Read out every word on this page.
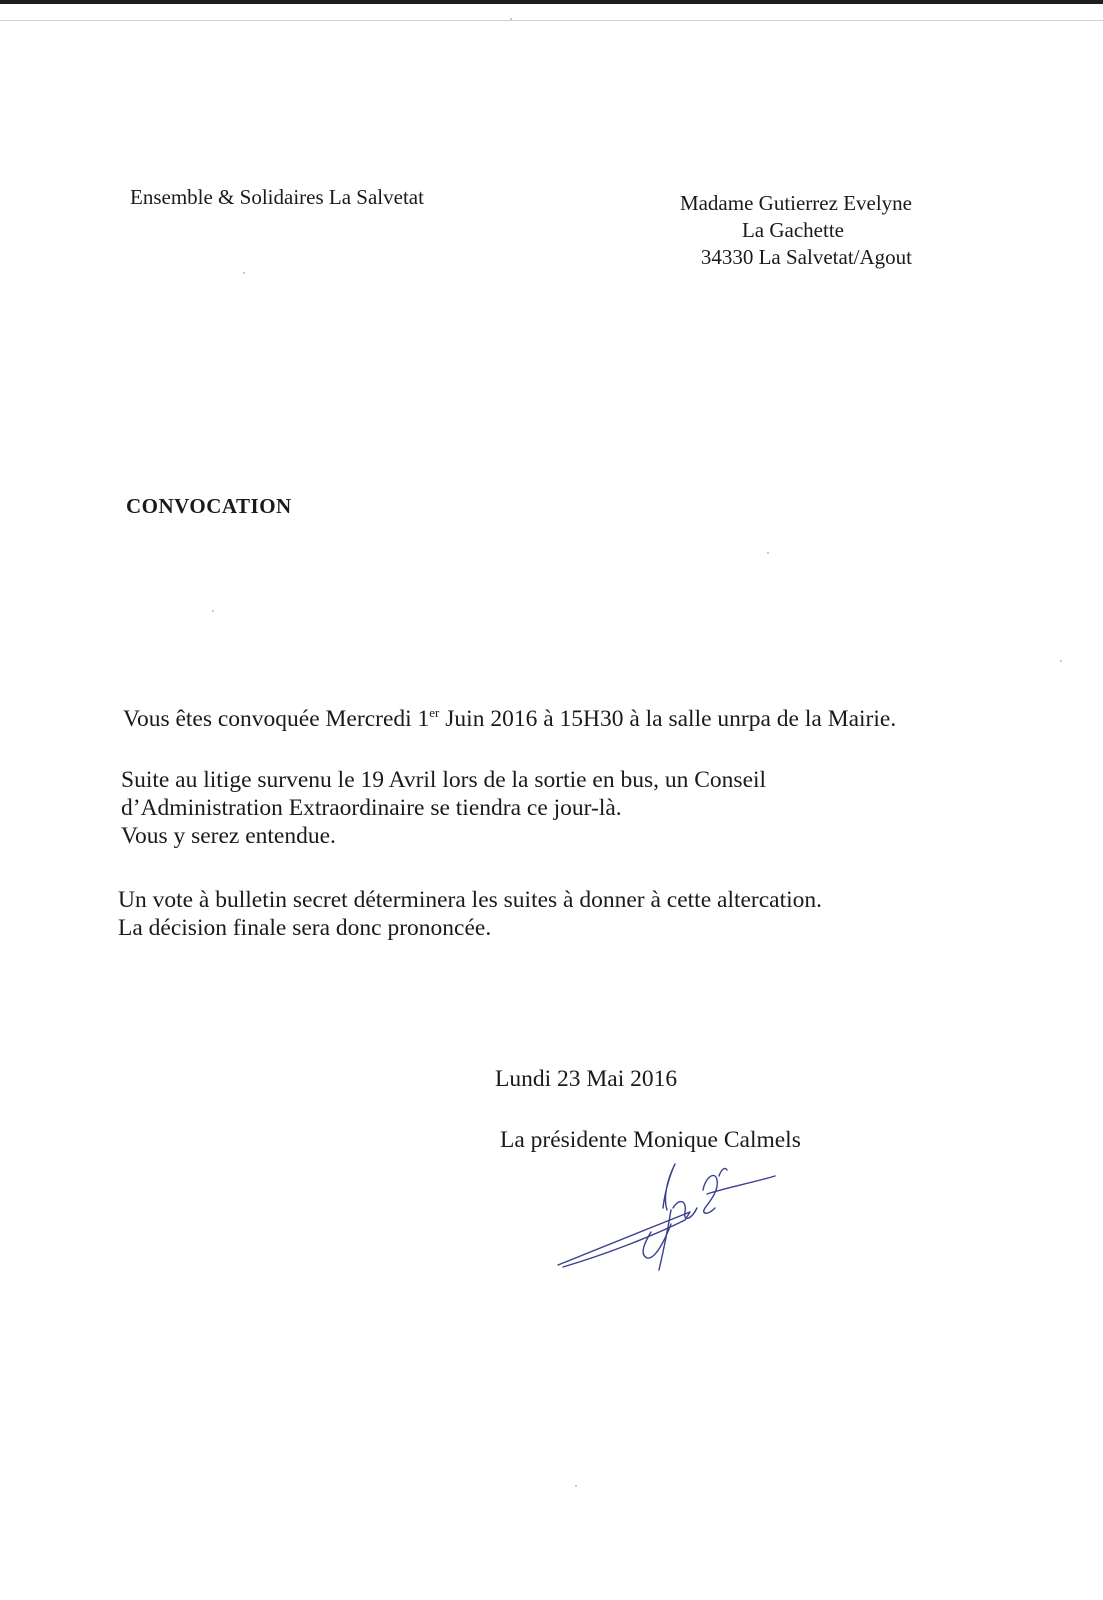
Ensemble & Solidaires La Salvetat	Madame Gutierrez Evelyne
La Gachette
34330 La Salvetat/Agout
CONVOCATION
Vous êtes convoquée Mercredi 1er Juin 2016 à 15H30 à la salle unrpa de la Mairie.
Suite au litige survenu le 19 Avril lors de la sortie en bus, un Conseil
d’Administration Extraordinaire se tiendra ce jour-là.
Vous y serez entendue.
Un vote à bulletin secret déterminera les suites à donner à cette altercation.
La décision finale sera donc prononcée.
Lundi 23 Mai 2016
La présidente Monique Calmels
